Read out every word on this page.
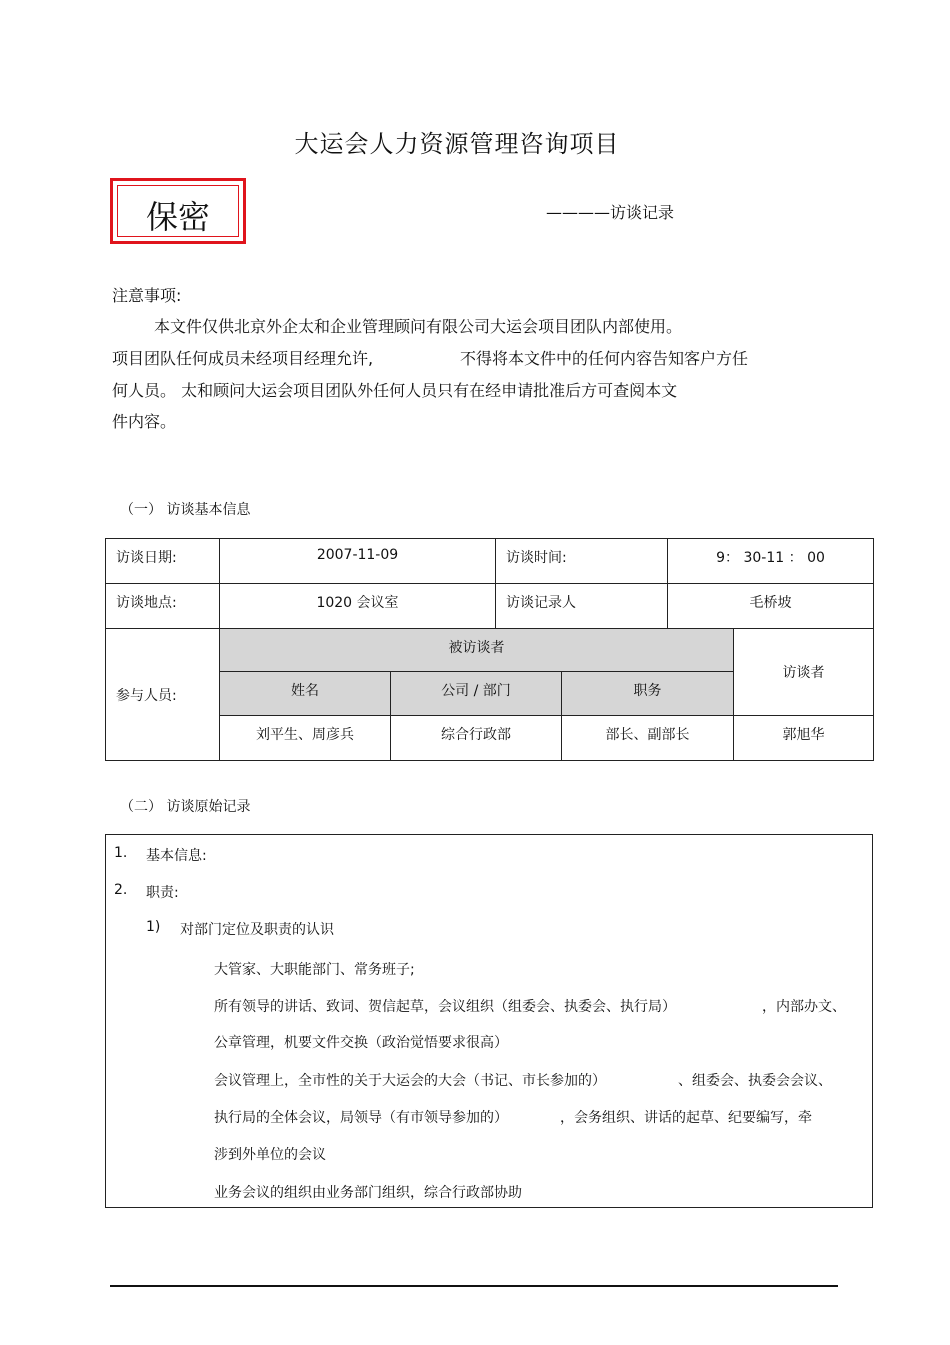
大运会人力资源管理咨询项目
保密	————访谈记录
注意事项:
本文件仅供北京外企太和企业管理顾问有限公司大运会项目团队内部使用。
项目团队任何成员未经项目经理允许,	不得将本文件中的任何内容告知客户方任
何人员。 太和顾问大运会项目团队外任何人员只有在经申请批准后方可查阅本文
件内容。
（一） 访谈基本信息
访谈日期:	2007-11-09		访谈时间:		9： 30-11 ： 00	
访谈地点:	1020 会议室		访谈记录人		毛桥坡	
参与人员:	被访谈者					访谈者
	姓名	公司 / 部门		职务		
	刘平生、周彦兵	综合行政部		部长、副部长		郭旭华
（二） 访谈原始记录
1. 基本信息:
2. 职责:
1) 对部门定位及职责的认识
大管家、大职能部门、常务班子;
所有领导的讲话、致词、贺信起草，会议组织（组委会、执委会、执行局）	，内部办文、
公章管理，机要文件交换（政治觉悟要求很高）
会议管理上，全市性的关于大运会的大会（书记、市长参加的）	、组委会、执委会会议、
执行局的全体会议，局领导（有市领导参加的）	，会务组织、讲话的起草、纪要编写，牵
涉到外单位的会议
业务会议的组织由业务部门组织，综合行政部协助
